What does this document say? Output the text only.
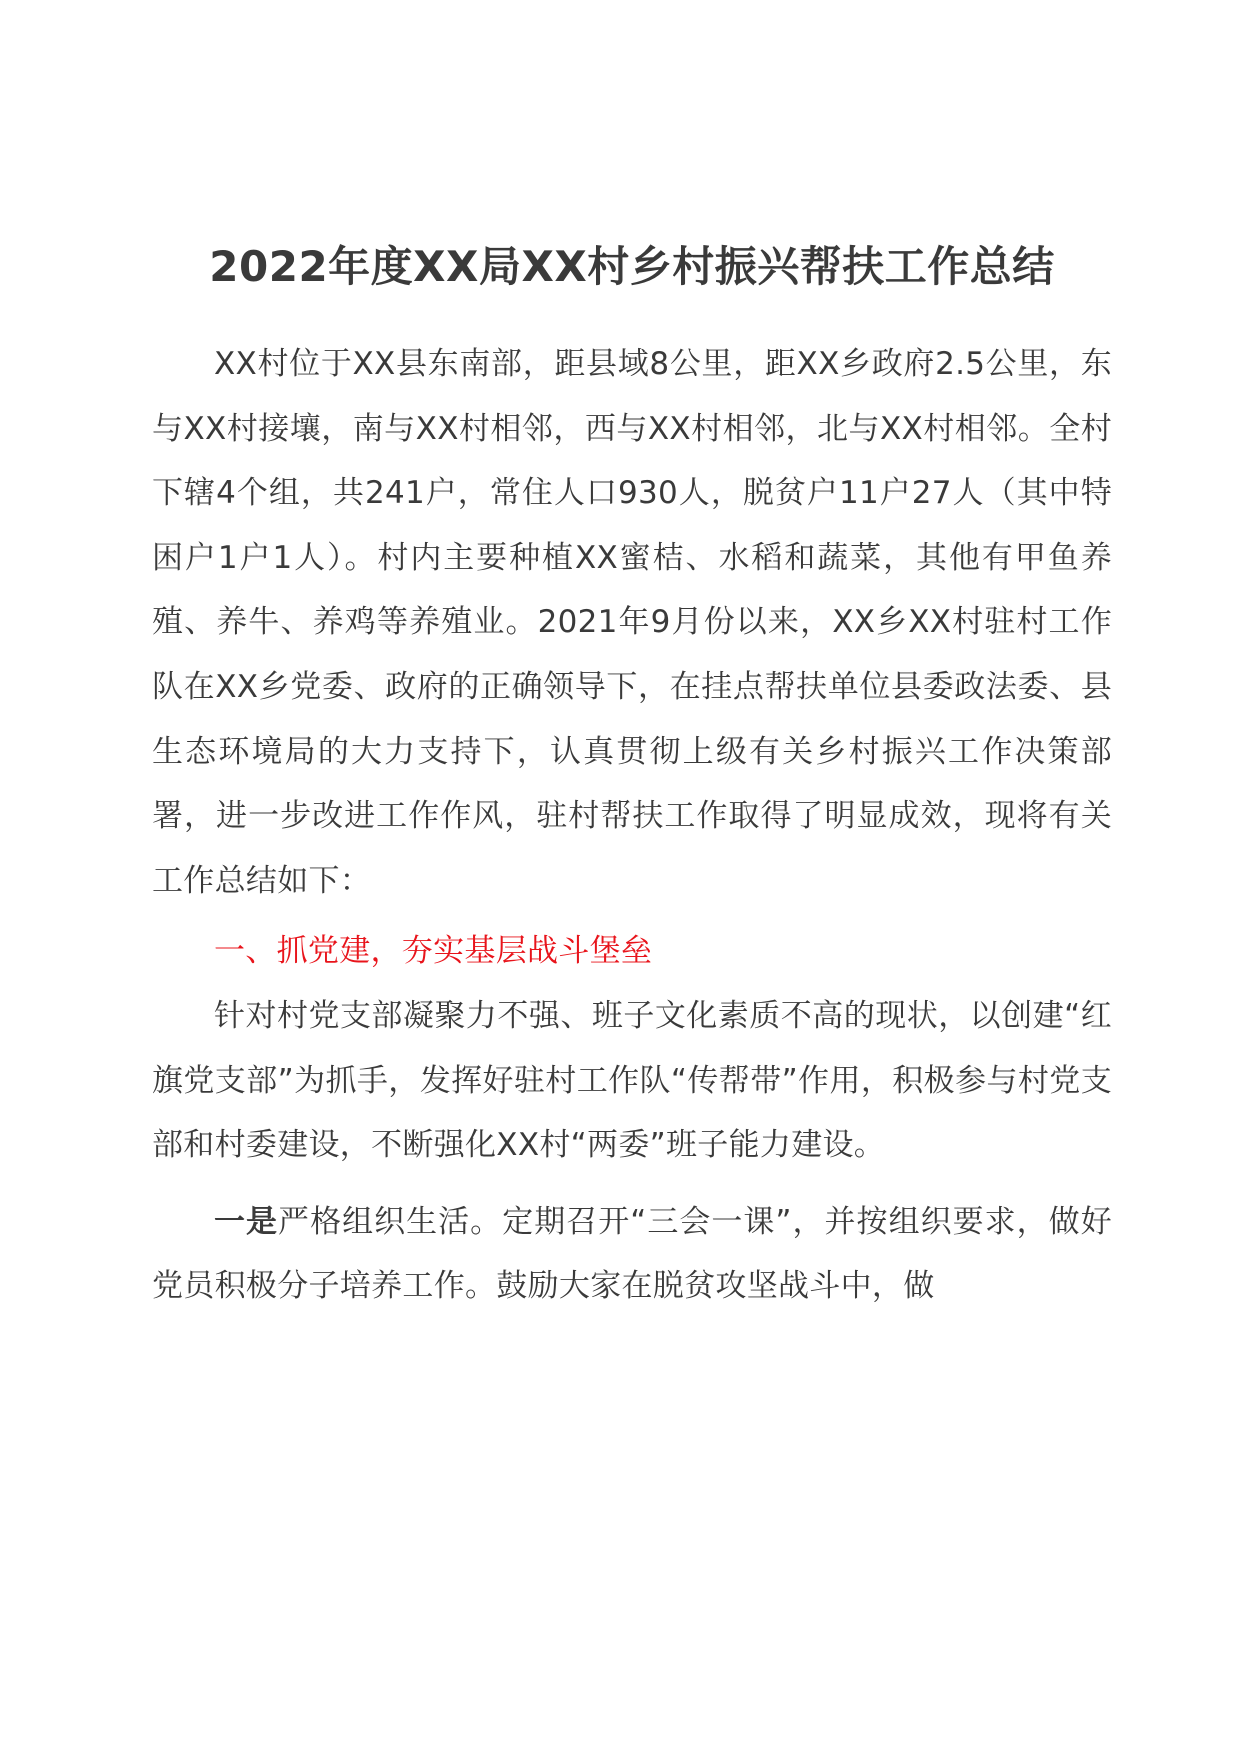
2022年度XX局XX村乡村振兴帮扶工作总结

XX村位于XX县东南部，距县域8公里，距XX乡政府2.5公里，东与XX村接壤，南与XX村相邻，西与XX村相邻，北与XX村相邻。全村下辖4个组，共241户，常住人口930人，脱贫户11户27人（其中特困户1户1人）。村内主要种植XX蜜桔、水稻和蔬菜，其他有甲鱼养殖、养牛、养鸡等养殖业。2021年9月份以来，XX乡XX村驻村工作队在XX乡党委、政府的正确领导下，在挂点帮扶单位县委政法委、县生态环境局的大力支持下，认真贯彻上级有关乡村振兴工作决策部署，进一步改进工作作风，驻村帮扶工作取得了明显成效，现将有关工作总结如下：

一、抓党建，夯实基层战斗堡垒

针对村党支部凝聚力不强、班子文化素质不高的现状，以创建“红旗党支部”为抓手，发挥好驻村工作队“传帮带”作用，积极参与村党支部和村委建设，不断强化XX村“两委”班子能力建设。

一是严格组织生活。定期召开“三会一课”，并按组织要求，做好党员积极分子培养工作。鼓励大家在脱贫攻坚战斗中，做
